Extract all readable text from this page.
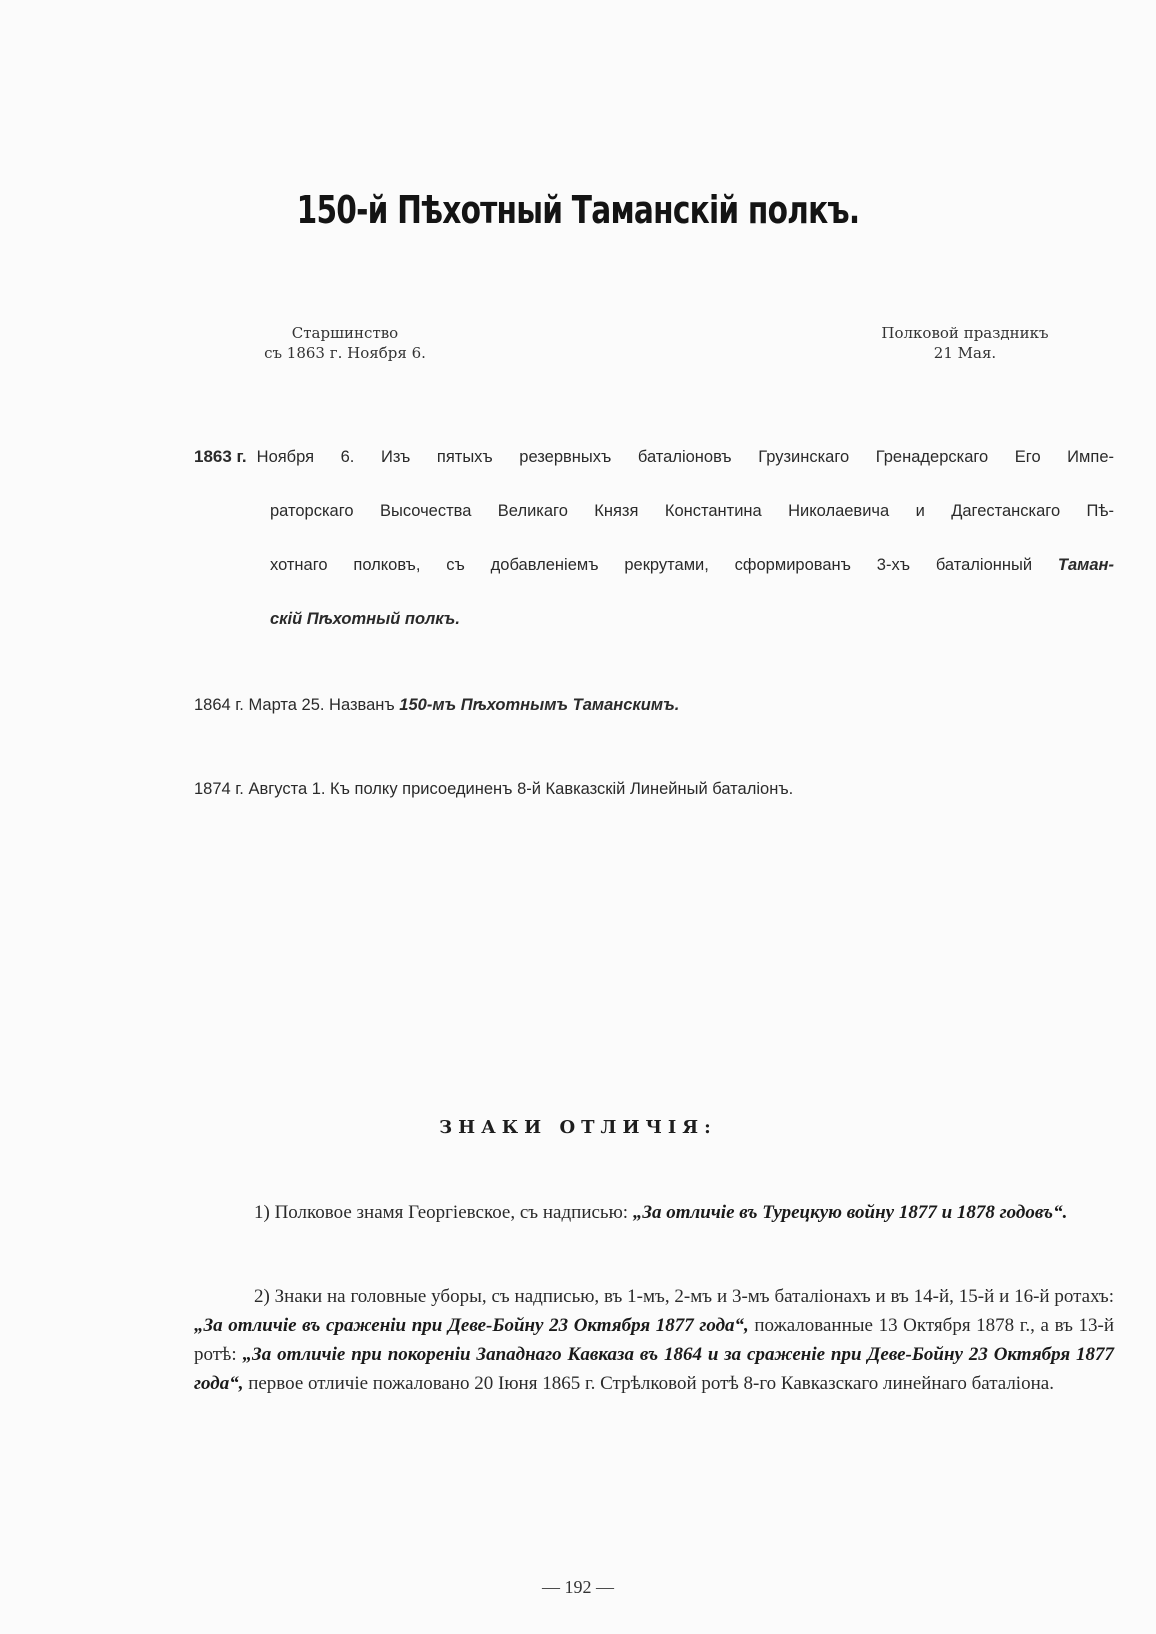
150-й Пѣхотный Таманскій полкъ.
Старшинство
съ 1863 г. Ноября 6.
Полковой праздникъ
21 Мая.
1863 г. Ноября 6. Изъ пятыхъ резервныхъ баталіоновъ Грузинскаго Гренадерскаго Его Импе-
раторскаго Высочества Великаго Князя Константина Николаевича и Дагестанскаго Пѣ-
хотнаго полковъ, съ добавленіемъ рекрутами, сформированъ 3-хъ баталіонный Таман-
скій Пѣхотный полкъ.
1864 г. Марта 25. Названъ 150-мъ Пѣхотнымъ Таманскимъ.
1874 г. Августа 1. Къ полку присоединенъ 8-й Кавказскій Линейный баталіонъ.
ЗНАКИ ОТЛИЧІЯ:
1) Полковое знамя Георгіевское, съ надписью: „За отличіе въ Турецкую войну 1877 и 1878 годовъ“.
2) Знаки на головные уборы, съ надписью, въ 1-мъ, 2-мъ и 3-мъ баталіонахъ и въ 14-й, 15-й и 16-й ротахъ: „За отличіе въ сраженіи при Деве-Бойну 23 Октября 1877 года“, пожалованные 13 Октября 1878 г., а въ 13-й ротѣ: „За отличіе при покореніи Западнаго Кавказа въ 1864 и за сраженіе при Деве-Бойну 23 Октября 1877 года“, первое отличіе пожаловано 20 Іюня 1865 г. Стрѣлковой ротѣ 8-го Кавказскаго линейнаго баталіона.
— 192 —
